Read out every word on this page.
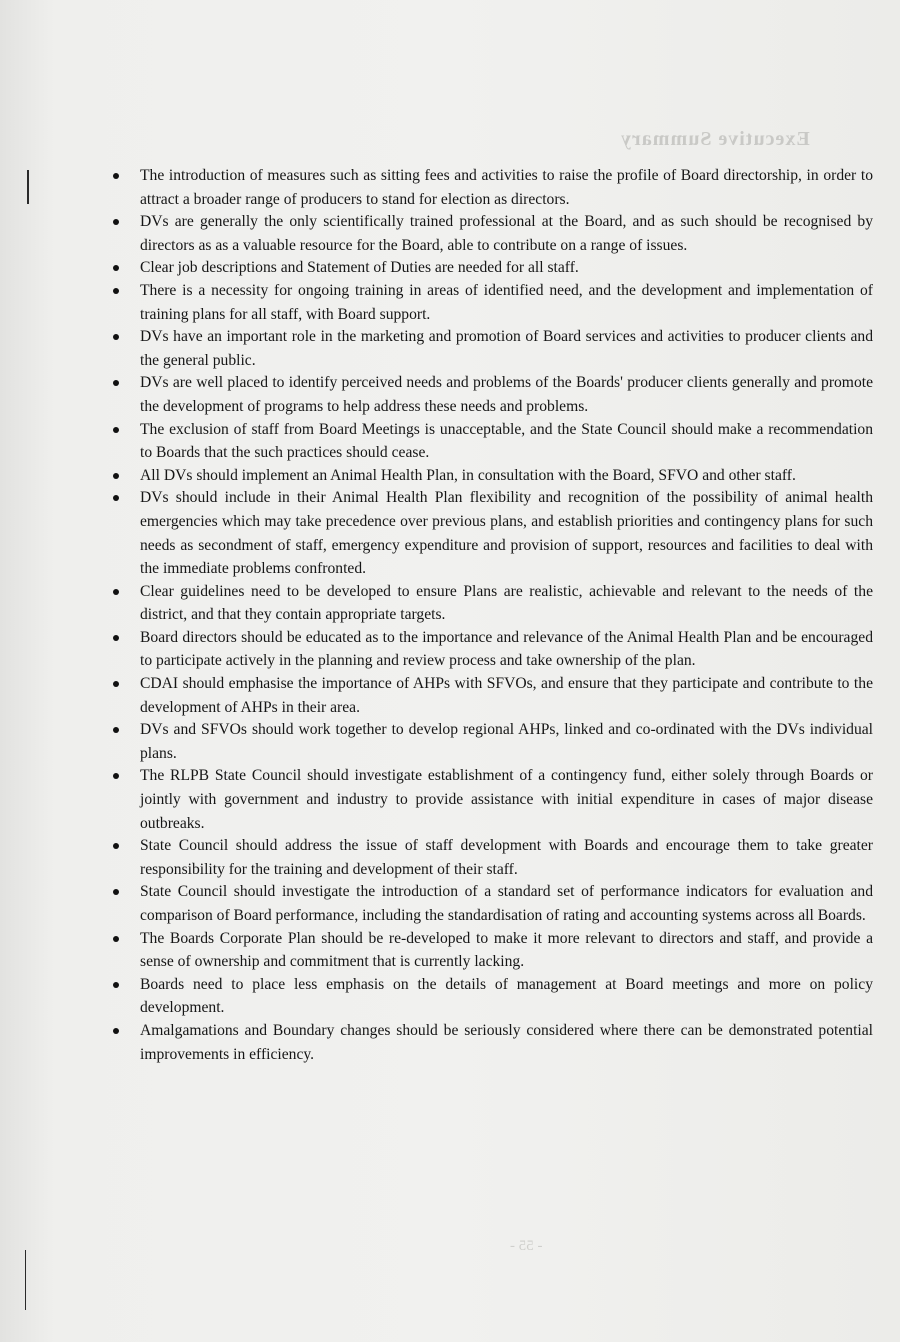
Executive Summary
- 55 -
The introduction of measures such as sitting fees and activities to raise the profile of Board directorship, in order to attract a broader range of producers to stand for election as directors.
DVs are generally the only scientifically trained professional at the Board, and as such should be recognised by directors as as a valuable resource for the Board, able to contribute on a range of issues.
Clear job descriptions and Statement of Duties are needed for all staff.
There is a necessity for ongoing training in areas of identified need, and the development and implementation of training plans for all staff, with Board support.
DVs have an important role in the marketing and promotion of Board services and activities to producer clients and the general public.
DVs are well placed to identify perceived needs and problems of the Boards' producer clients generally and promote the development of programs to help address these needs and problems.
The exclusion of staff from Board Meetings is unacceptable, and the State Council should make a recommendation to Boards that the such practices should cease.
All DVs should implement an Animal Health Plan, in consultation with the Board, SFVO and other staff.
DVs should include in their Animal Health Plan flexibility and recognition of the possibility of animal health emergencies which may take precedence over previous plans, and establish priorities and contingency plans for such needs as secondment of staff, emergency expenditure and provision of support, resources and facilities to deal with the immediate problems confronted.
Clear guidelines need to be developed to ensure Plans are realistic, achievable and relevant to the needs of the district, and that they contain appropriate targets.
Board directors should be educated as to the importance and relevance of the Animal Health Plan and be encouraged to participate actively in the planning and review process and take ownership of the plan.
CDAI should emphasise the importance of AHPs with SFVOs, and ensure that they participate and contribute to the development of AHPs in their area.
DVs and SFVOs should work together to develop regional AHPs, linked and co-ordinated with the DVs individual plans.
The RLPB State Council should investigate establishment of a contingency fund, either solely through Boards or jointly with government and industry to provide assistance with initial expenditure in cases of major disease outbreaks.
State Council should address the issue of staff development with Boards and encourage them to take greater responsibility for the training and development of their staff.
State Council should investigate the introduction of a standard set of performance indicators for evaluation and comparison of Board performance, including the standardisation of rating and accounting systems across all Boards.
The Boards Corporate Plan should be re-developed to make it more relevant to directors and staff, and provide a sense of ownership and commitment that is currently lacking.
Boards need to place less emphasis on the details of management at Board meetings and more on policy development.
Amalgamations and Boundary changes should be seriously considered where there can be demonstrated potential improvements in efficiency.
